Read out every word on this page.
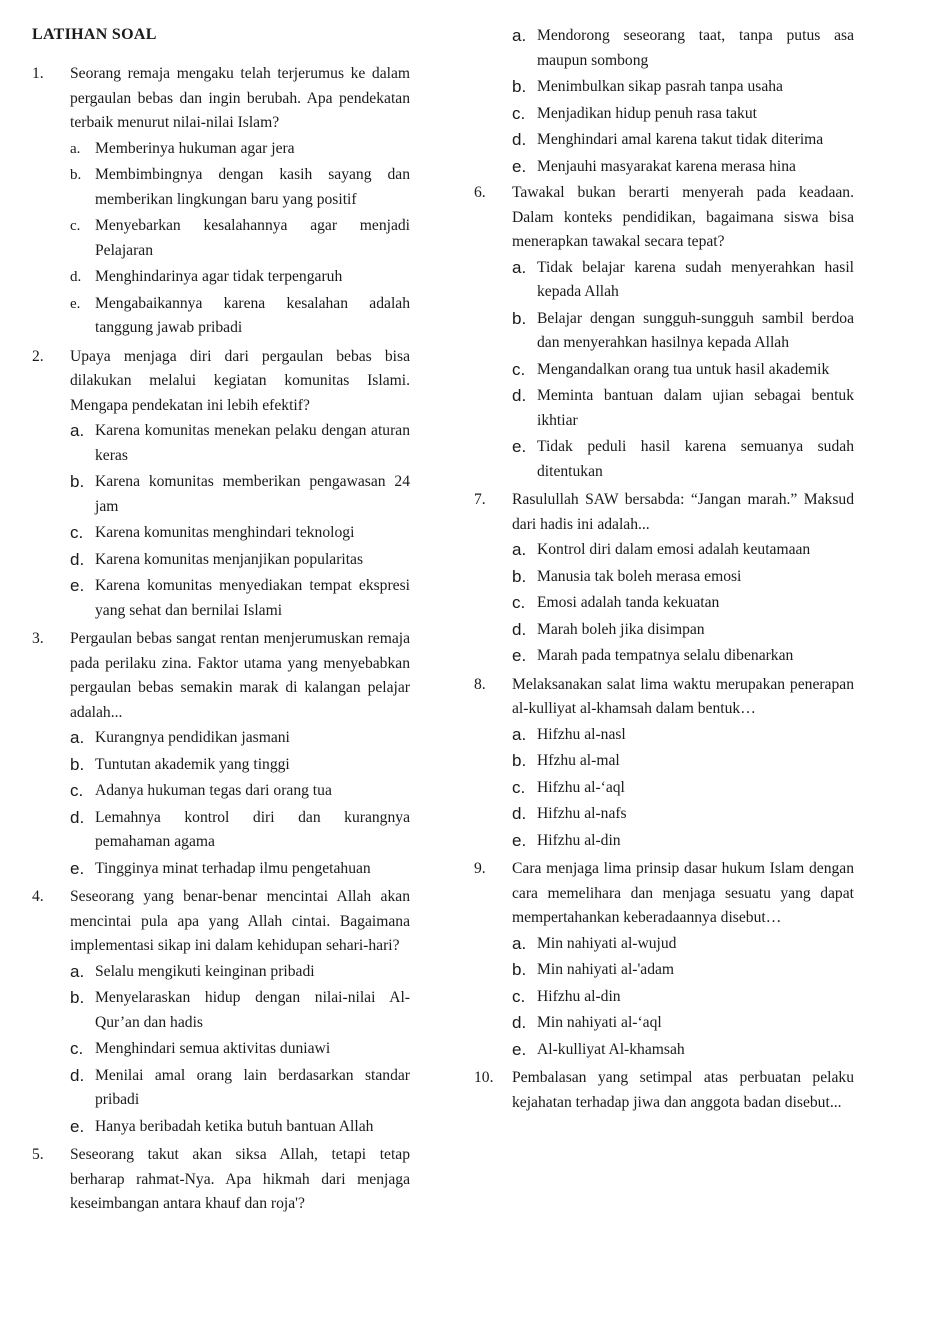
LATIHAN SOAL
1.	Seorang remaja mengaku telah terjerumus ke dalam pergaulan bebas dan ingin berubah. Apa pendekatan terbaik menurut nilai-nilai Islam?
a. Memberinya hukuman agar jera
b. Membimbingnya dengan kasih sayang dan memberikan lingkungan baru yang positif
c. Menyebarkan kesalahannya agar menjadi Pelajaran
d. Menghindarinya agar tidak terpengaruh
e. Mengabaikannya karena kesalahan adalah tanggung jawab pribadi
2.	Upaya menjaga diri dari pergaulan bebas bisa dilakukan melalui kegiatan komunitas Islami. Mengapa pendekatan ini lebih efektif?
a. Karena komunitas menekan pelaku dengan aturan keras
b. Karena komunitas memberikan pengawasan 24 jam
c. Karena komunitas menghindari teknologi
d. Karena komunitas menjanjikan popularitas
e. Karena komunitas menyediakan tempat ekspresi yang sehat dan bernilai Islami
3.	Pergaulan bebas sangat rentan menjerumuskan remaja pada perilaku zina. Faktor utama yang menyebabkan pergaulan bebas semakin marak di kalangan pelajar adalah...
a. Kurangnya pendidikan jasmani
b. Tuntutan akademik yang tinggi
c. Adanya hukuman tegas dari orang tua
d. Lemahnya kontrol diri dan kurangnya pemahaman agama
e. Tingginya minat terhadap ilmu pengetahuan
4.	Seseorang yang benar-benar mencintai Allah akan mencintai pula apa yang Allah cintai. Bagaimana implementasi sikap ini dalam kehidupan sehari-hari?
a. Selalu mengikuti keinginan pribadi
b. Menyelaraskan hidup dengan nilai-nilai Al-Qur’an dan hadis
c. Menghindari semua aktivitas duniawi
d. Menilai amal orang lain berdasarkan standar pribadi
e. Hanya beribadah ketika butuh bantuan Allah
5.	Seseorang takut akan siksa Allah, tetapi tetap berharap rahmat-Nya. Apa hikmah dari menjaga keseimbangan antara khauf dan roja'?
a. Mendorong seseorang taat, tanpa putus asa maupun sombong
b. Menimbulkan sikap pasrah tanpa usaha
c. Menjadikan hidup penuh rasa takut
d. Menghindari amal karena takut tidak diterima
e. Menjauhi masyarakat karena merasa hina
6.	Tawakal bukan berarti menyerah pada keadaan. Dalam konteks pendidikan, bagaimana siswa bisa menerapkan tawakal secara tepat?
a. Tidak belajar karena sudah menyerahkan hasil kepada Allah
b. Belajar dengan sungguh-sungguh sambil berdoa dan menyerahkan hasilnya kepada Allah
c. Mengandalkan orang tua untuk hasil akademik
d. Meminta bantuan dalam ujian sebagai bentuk ikhtiar
e. Tidak peduli hasil karena semuanya sudah ditentukan
7.	Rasulullah SAW bersabda: “Jangan marah.” Maksud dari hadis ini adalah...
a. Kontrol diri dalam emosi adalah keutamaan
b. Manusia tak boleh merasa emosi
c. Emosi adalah tanda kekuatan
d. Marah boleh jika disimpan
e. Marah pada tempatnya selalu dibenarkan
8.	Melaksanakan salat lima waktu merupakan penerapan al-kulliyat al-khamsah dalam bentuk…
a. Hifzhu al-nasl
b. Hfzhu al-mal
c. Hifzhu al-‘aql
d. Hifzhu al-nafs
e. Hifzhu al-din
9.	Cara menjaga lima prinsip dasar hukum Islam dengan cara memelihara dan menjaga sesuatu yang dapat mempertahankan keberadaannya disebut…
a. Min nahiyati al-wujud
b. Min nahiyati al-'adam
c. Hifzhu al-din
d. Min nahiyati al-‘aql
e. Al-kulliyat Al-khamsah
10.	Pembalasan yang setimpal atas perbuatan pelaku kejahatan terhadap jiwa dan anggota badan disebut...
